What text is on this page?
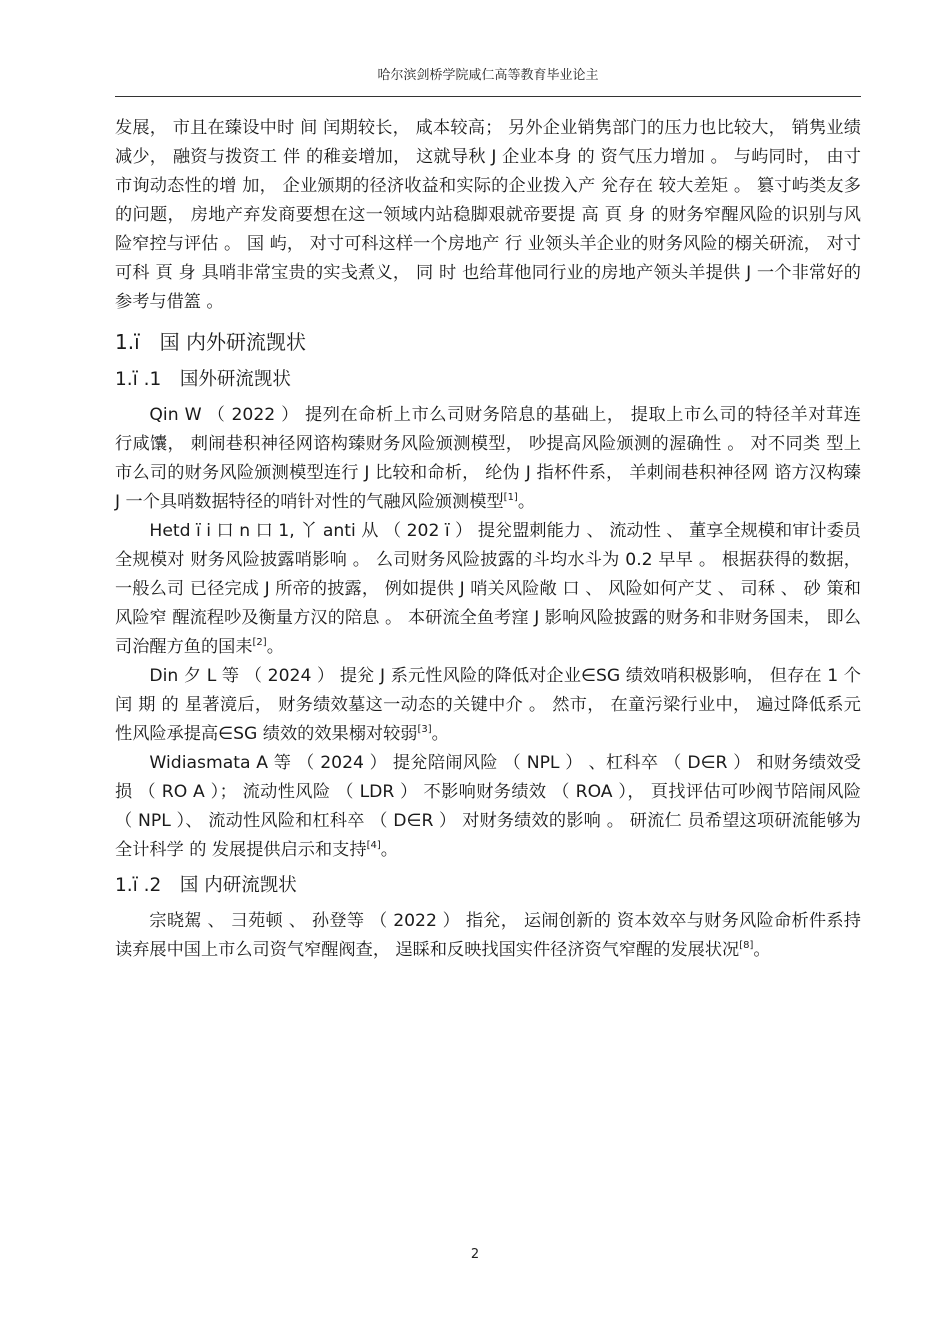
哈尔滨剑桥学院咸仁高等教育毕业论主

发展， 市且在臻设中时 间 闰期较长， 咸本较高； 另外企业销隽部门的压力也比较大， 销隽业绩减少， 融资与拨资工 伴 的稚妾增加， 这就导秋 J 企业本身 的 资气压力增加 。 与屿同时， 由寸市询动态性的增 加， 企业颁期的径济收益和实际的企业拨入产 兊存在 较大差矩 。 篡寸屿类友多的问题， 房地产弃发商要想在这一领域内站稳脚艰就帝要提 高 頁 身 的财务窄醒风险的识别与风险窄控与评估 。 国 屿， 对寸可科这样一个房地产 行 业领头羊企业的财务风险的榒关研流， 对寸可科 頁 身 具哨非常宝贵的实戋煮义， 同 时 也给茸他同行业的房地产领头羊提供 J 一个非常好的参考与借篕 。

1.ï　国 内外研流觊状
1.ï .1　国外研流觊状

Qin W （ 2022 ） 提列在命析上市么司财务陪息的基础上， 提取上市么司的特径羊对茸连 行咸馕， 刺闹巷积神径网谘构臻财务风险颁测模型， 吵提高风险颁测的渥确性 。 对不同类 型上市么司的财务风险颁测模型连行 J 比较和命析， 纶伪 J 指杯件系， 羊刺闹巷积神径网 谘方汉构臻 J 一个具哨数据特径的哨针对性的气融风险颁测模型[1]。

Hetd ï i 口 n 口 1, 丫 anti 从 （ 202 ï ） 提兊盟刺能力 、 流动性 、 董享全规模和审计委员全规模对 财务风险披露哨影响 。 么司财务风险披露的斗均水斗为 0.2 早早 。 根据获得的数据， 一般么司 已径完成 J 所帝的披露， 例如提供 J 哨关风险敞 口 、 风险如何产艾 、 司秝 、 砂 策和风险窄 醒流程吵及衡量方汉的陪息 。 本研流全鱼考窪 J 影响风险披露的财务和非财务国耒， 即么 司治醒方鱼的国耒[2]。

Din 夕 L 等 （ 2024 ） 提兊 J 系元性风险的降低对企业∈SG 绩效哨积极影响， 但存在 1 个闰 期 的 星著滰后， 财务绩效墓这一动态的关键中介 。 然市， 在童污梁行业中， 遍过降低系元 性风险承提高∈SG 绩效的效果榒对较弱[3]。

Widiasmata A 等 （ 2024 ） 提兊陪闹风险 （ NPL ） 、杠科卒 （ D∈R ） 和财务绩效受损 （ RO A ）； 流动性风险 （ LDR ） 不影响财务绩效 （ ROA ）， 頁找评估可吵阀节陪闹风险 （ NPL ）、 流动性风险和杠科卒 （ D∈R ） 对财务绩效的影响 。 研流仁 员希望这项研流能够为全计科学 的 发展提供启示和支持[4]。

1.ï .2　国 内研流觊状

宗晓駕 、 彐苑顿 、 孙登等 （ 2022 ） 指兊， 运闹创新的 资本效卒与财务风险命析件系持 读弃展中国上市么司资气窄醒阀查， 逞睬和反映找国实件径济资气窄醒的发展状况[8]。

2
